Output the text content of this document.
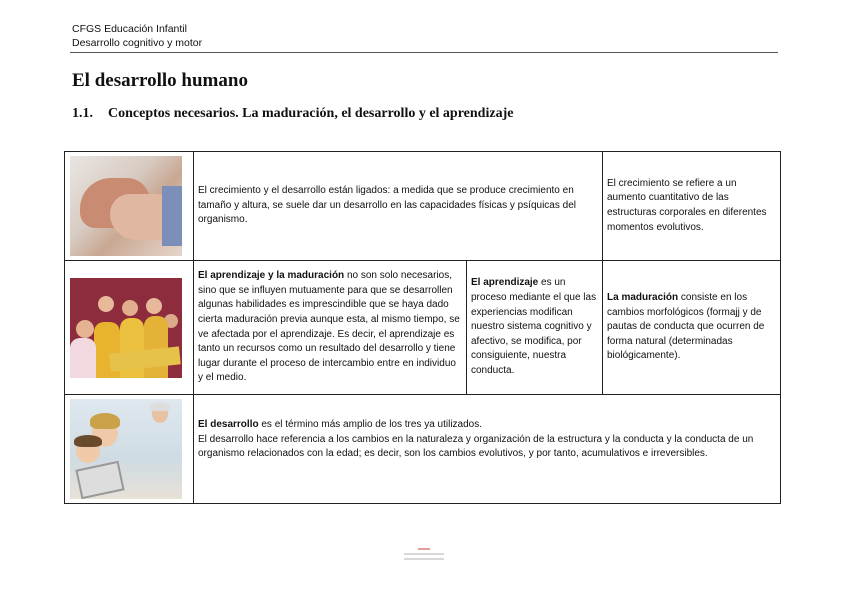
CFGS Educación Infantil
Desarrollo cognitivo y motor
El desarrollo humano
1.1. Conceptos necesarios. La maduración, el desarrollo y el aprendizaje
	El crecimiento y el desarrollo están ligados: a medida que se produce crecimiento en tamaño y altura, se suele dar un desarrollo en las capacidades físicas y psíquicas del organismo.		El crecimiento se refiere a un aumento cuantitativo de las estructuras corporales en diferentes momentos evolutivos.

	El aprendizaje y la maduración no son solo necesarios, sino que se influyen mutuamente para que se desarrollen algunas habilidades es imprescindible que se haya dado cierta maduración previa aunque esta, al mismo tiempo, se ve afectada por el aprendizaje. Es decir, el aprendizaje es tanto un recursos como un resultado del desarrollo y tiene lugar durante el proceso de intercambio entre en individuo y el medio.	El aprendizaje es un proceso mediante el que las experiencias modifican nuestro sistema cognitivo y afectivo, se modifica, por consiguiente, nuestra conducta.	La maduración consiste en los cambios morfológicos (formajj y de pautas de conducta que ocurren de forma natural (determinadas biológicamente).

	El desarrollo es el término más amplio de los tres ya utilizados.
El desarrollo hace referencia a los cambios en la naturaleza y organización de la estructura y la conducta y la conducta de un organismo relacionados con la edad; es decir, son los cambios evolutivos, y por tanto, acumulativos e irreversibles.		
